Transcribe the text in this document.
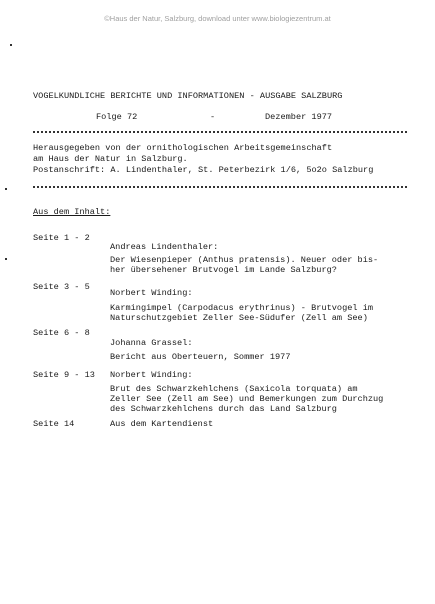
©Haus der Natur, Salzburg, download unter www.biologiezentrum.at
VOGELKUNDLICHE BERICHTE UND INFORMATIONEN - AUSGABE SALZBURG
Folge 72	-	Dezember 1977
Herausgegeben von der ornithologischen Arbeitsgemeinschaft
am Haus der Natur in Salzburg.
Postanschrift: A. Lindenthaler, St. Peterbezirk 1/6, 5o2o Salzburg
Aus dem Inhalt:
Seite 1 - 2
Andreas Lindenthaler:
Der Wiesenpieper (Anthus pratensis). Neuer oder bis-
her übersehener Brutvogel im Lande Salzburg?
Seite 3 - 5
Norbert Winding:
Karmingimpel (Carpodacus erythrinus) - Brutvogel im
Naturschutzgebiet Zeller See-Südufer (Zell am See)
Seite 6 - 8
Johanna Grassel:
Bericht aus Oberteuern, Sommer 1977
Seite 9 - 13 Norbert Winding:
Brut des Schwarzkehlchens (Saxicola torquata) am
Zeller See (Zell am See) und Bemerkungen zum Durchzug
des Schwarzkehlchens durch das Land Salzburg
Seite 14	Aus dem Kartendienst
